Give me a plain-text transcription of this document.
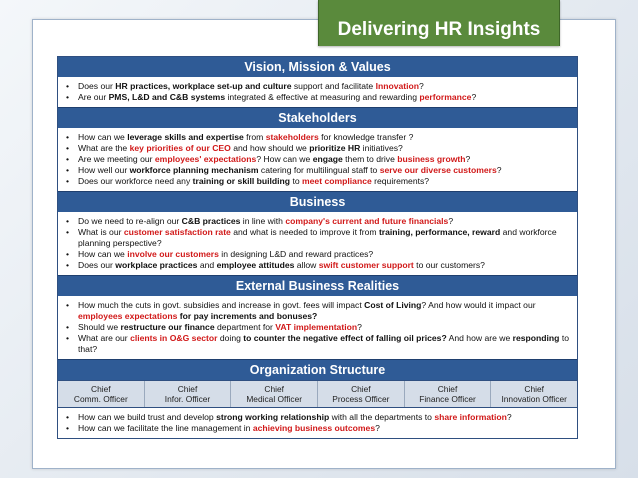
Delivering HR Insights
Vision, Mission & Values
• Does our HR practices, workplace set-up and culture support and facilitate Innovation?
• Are our PMS, L&D and C&B systems integrated & effective at measuring and rewarding performance?
Stakeholders
• How can we leverage skills and expertise from stakeholders for knowledge transfer ?
• What are the key priorities of our CEO and how should we prioritize HR initiatives?
• Are we meeting our employees' expectations? How can we engage them to drive business growth?
• How well our workforce planning mechanism catering for multilingual staff to serve our diverse customers?
• Does our workforce need any training or skill building to meet compliance requirements?
Business
• Do we need to re-align our C&B practices in line with company's current and future financials?
• What is our customer satisfaction rate and what is needed to improve it from training, performance, reward and workforce planning perspective?
• How can we involve our customers in designing L&D and reward practices?
• Does our workplace practices and employee attitudes allow swift customer support to our customers?
External Business Realities
• How much the cuts in govt. subsidies and increase in govt. fees will impact Cost of Living? And how would it impact our employees expectations for pay increments and bonuses?
• Should we restructure our finance department for VAT implementation?
• What are our clients in O&G sector doing to counter the negative effect of falling oil prices? And how are we responding to that?
Organization Structure
Chief
Comm. Officer
Chief
Infor. Officer
Chief
Medical Officer
Chief
Process Officer
Chief
Finance Officer
Chief
Innovation Officer
• How can we build trust and develop strong working relationship with all the departments to share information?
• How can we facilitate the line management in achieving business outcomes?
